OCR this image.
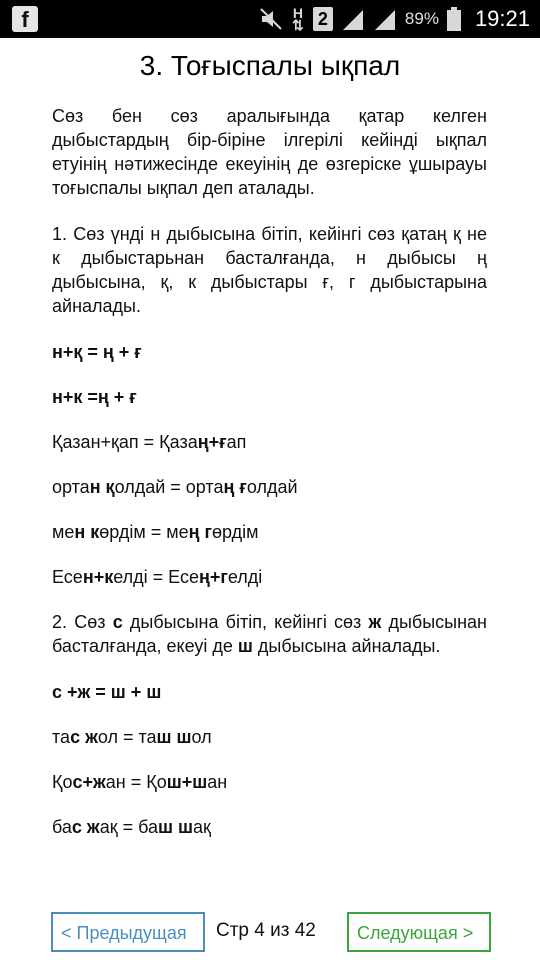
f	H
⇅ 2	89% 19:21
3. Тоғыспалы ықпал

Сөз бен сөз аралығында қатар келген дыбыстардың бір-біріне ілгерілі кейінді ықпал етуінің нәтижесінде екеуінің де өзгеріске ұшырауы тоғыспалы ықпал деп аталады.

1. Сөз үнді н дыбысына бітіп, кейінгі сөз қатаң қ не к дыбыстарьнан басталғанда, н дыбысы ң дыбысына, қ, к дыбыстары ғ, г дыбыстарына айналады.

н+қ = ң + ғ
н+к =ң + ғ
Қазан+қап = Қазаң+ғап
ортан қолдай = ортаң ғолдай
мен көрдім = мең гөрдім
Есен+келді = Есең+гелді

2. Сөз с дыбысына бітіп, кейінгі сөз ж дыбысынан басталғанда, екеуі де ш дыбысына айналады.

с +ж = ш + ш
тас жол = таш шол
Қос+жан = Қош+шан
бас жақ = баш шақ
< Предыдущая	Стр 4 из 42	Следующая >
